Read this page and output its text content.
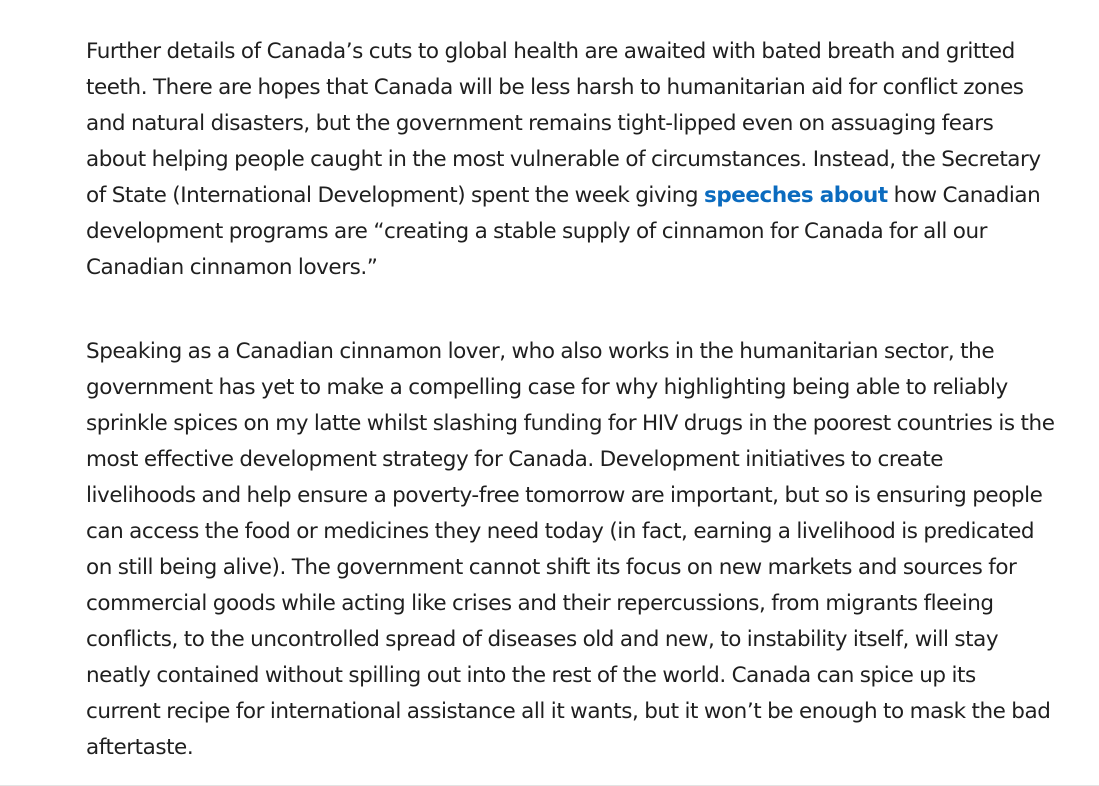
Further details of Canada’s cuts to global health are awaited with bated breath and gritted teeth. There are hopes that Canada will be less harsh to humanitarian aid for conflict zones and natural disasters, but the government remains tight-lipped even on assuaging fears about helping people caught in the most vulnerable of circumstances. Instead, the Secretary of State (International Development) spent the week giving speeches about how Canadian development programs are “creating a stable supply of cinnamon for Canada for all our Canadian cinnamon lovers.”

Speaking as a Canadian cinnamon lover, who also works in the humanitarian sector, the government has yet to make a compelling case for why highlighting being able to reliably sprinkle spices on my latte whilst slashing funding for HIV drugs in the poorest countries is the most effective development strategy for Canada. Development initiatives to create livelihoods and help ensure a poverty-free tomorrow are important, but so is ensuring people can access the food or medicines they need today (in fact, earning a livelihood is predicated on still being alive). The government cannot shift its focus on new markets and sources for commercial goods while acting like crises and their repercussions, from migrants fleeing conflicts, to the uncontrolled spread of diseases old and new, to instability itself, will stay neatly contained without spilling out into the rest of the world. Canada can spice up its current recipe for international assistance all it wants, but it won’t be enough to mask the bad aftertaste.
